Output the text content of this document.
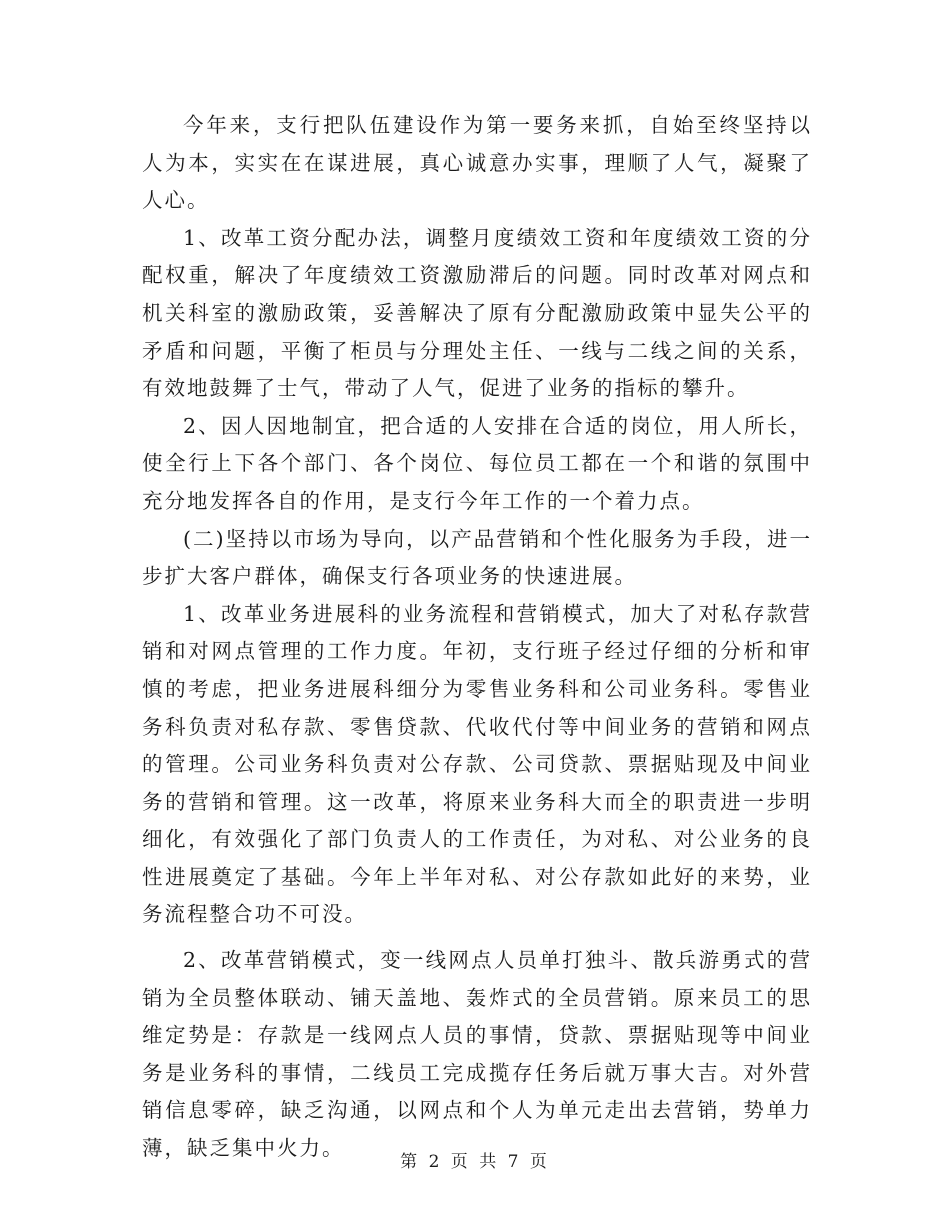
今年来，支行把队伍建设作为第一要务来抓，自始至终坚持以人为本，实实在在谋进展，真心诚意办实事，理顺了人气，凝聚了人心。

1、改革工资分配办法，调整月度绩效工资和年度绩效工资的分配权重，解决了年度绩效工资激励滞后的问题。同时改革对网点和机关科室的激励政策，妥善解决了原有分配激励政策中显失公平的矛盾和问题，平衡了柜员与分理处主任、一线与二线之间的关系，有效地鼓舞了士气，带动了人气，促进了业务的指标的攀升。

2、因人因地制宜，把合适的人安排在合适的岗位，用人所长，使全行上下各个部门、各个岗位、每位员工都在一个和谐的氛围中充分地发挥各自的作用，是支行今年工作的一个着力点。

(二)坚持以市场为导向，以产品营销和个性化服务为手段，进一步扩大客户群体，确保支行各项业务的快速进展。

1、改革业务进展科的业务流程和营销模式，加大了对私存款营销和对网点管理的工作力度。年初，支行班子经过仔细的分析和审慎的考虑，把业务进展科细分为零售业务科和公司业务科。零售业务科负责对私存款、零售贷款、代收代付等中间业务的营销和网点的管理。公司业务科负责对公存款、公司贷款、票据贴现及中间业务的营销和管理。这一改革，将原来业务科大而全的职责进一步明细化，有效强化了部门负责人的工作责任，为对私、对公业务的良性进展奠定了基础。今年上半年对私、对公存款如此好的来势，业务流程整合功不可没。

2、改革营销模式，变一线网点人员单打独斗、散兵游勇式的营销为全员整体联动、铺天盖地、轰炸式的全员营销。原来员工的思维定势是：存款是一线网点人员的事情，贷款、票据贴现等中间业务是业务科的事情，二线员工完成揽存任务后就万事大吉。对外营销信息零碎，缺乏沟通，以网点和个人为单元走出去营销，势单力薄，缺乏集中火力。

第 2 页 共 7 页
